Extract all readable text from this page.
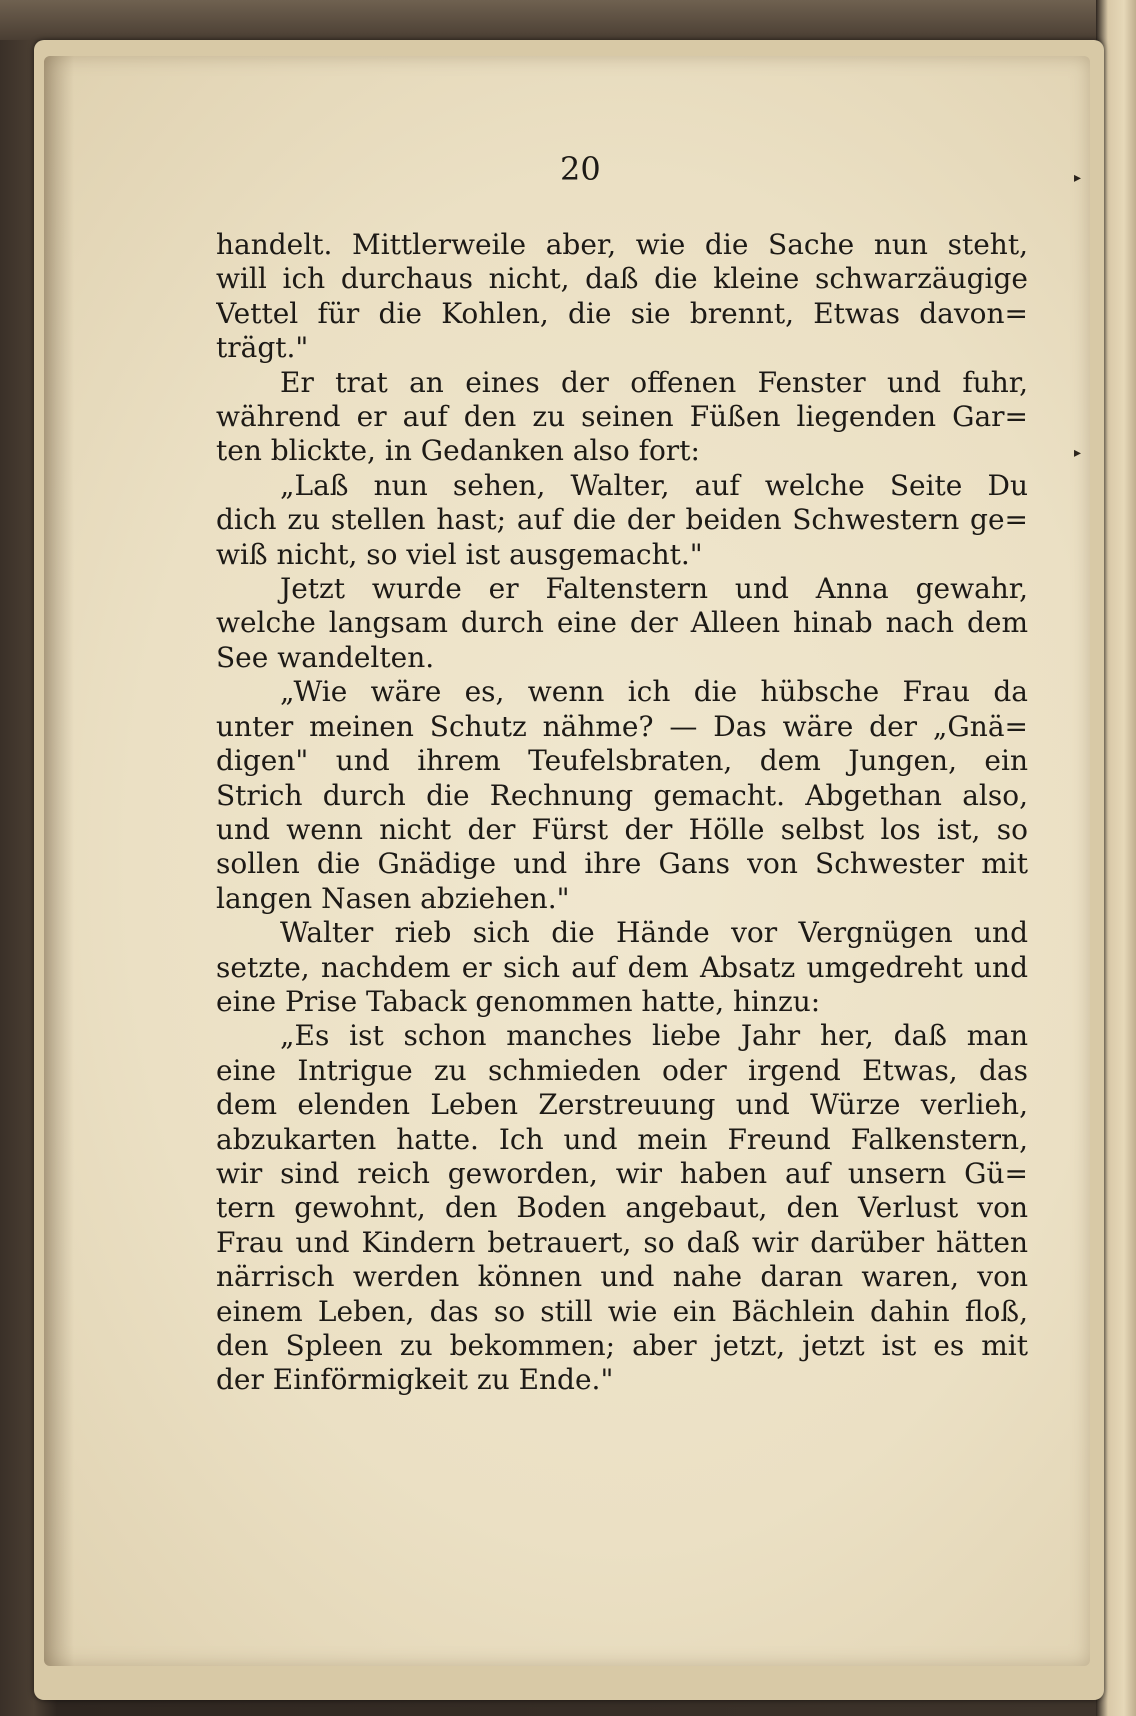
20
handelt. Mittlerweile aber, wie die Sache nun steht,
will ich durchaus nicht, daß die kleine schwarzäugige
Vettel für die Kohlen, die sie brennt, Etwas davon=
trägt."
Er trat an eines der offenen Fenster und fuhr,
während er auf den zu seinen Füßen liegenden Gar=
ten blickte, in Gedanken also fort:
„Laß nun sehen, Walter, auf welche Seite Du
dich zu stellen hast; auf die der beiden Schwestern ge=
wiß nicht, so viel ist ausgemacht."
Jetzt wurde er Faltenstern und Anna gewahr,
welche langsam durch eine der Alleen hinab nach dem
See wandelten.
„Wie wäre es, wenn ich die hübsche Frau da
unter meinen Schutz nähme? — Das wäre der „Gnä=
digen" und ihrem Teufelsbraten, dem Jungen, ein
Strich durch die Rechnung gemacht. Abgethan also,
und wenn nicht der Fürst der Hölle selbst los ist, so
sollen die Gnädige und ihre Gans von Schwester mit
langen Nasen abziehen."
Walter rieb sich die Hände vor Vergnügen und
setzte, nachdem er sich auf dem Absatz umgedreht und
eine Prise Taback genommen hatte, hinzu:
„Es ist schon manches liebe Jahr her, daß man
eine Intrigue zu schmieden oder irgend Etwas, das
dem elenden Leben Zerstreuung und Würze verlieh,
abzukarten hatte. Ich und mein Freund Falkenstern,
wir sind reich geworden, wir haben auf unsern Gü=
tern gewohnt, den Boden angebaut, den Verlust von
Frau und Kindern betrauert, so daß wir darüber hätten
närrisch werden können und nahe daran waren, von
einem Leben, das so still wie ein Bächlein dahin floß,
den Spleen zu bekommen; aber jetzt, jetzt ist es mit
der Einförmigkeit zu Ende."
▸
▸
